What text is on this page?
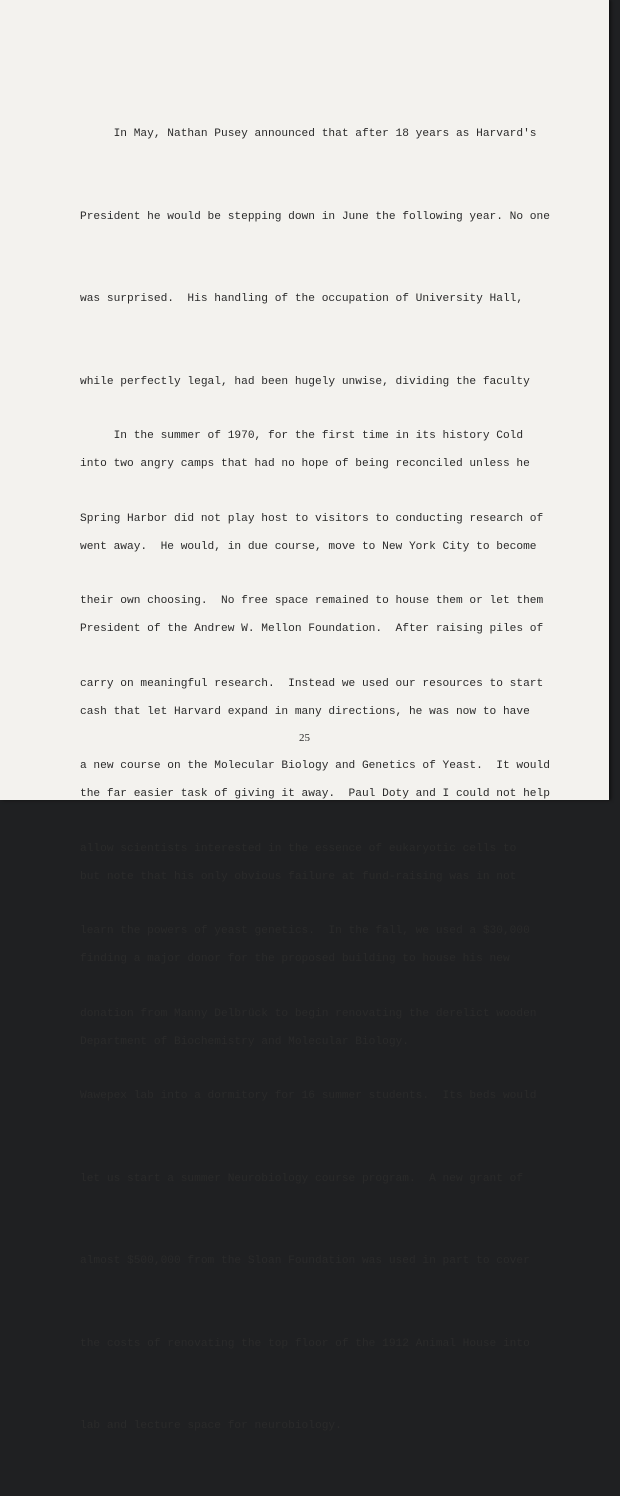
In May, Nathan Pusey announced that after 18 years as Harvard's

President he would be stepping down in June the following year. No one

was surprised.  His handling of the occupation of University Hall,

while perfectly legal, had been hugely unwise, dividing the faculty

into two angry camps that had no hope of being reconciled unless he

went away.  He would, in due course, move to New York City to become

President of the Andrew W. Mellon Foundation.  After raising piles of

cash that let Harvard expand in many directions, he was now to have

the far easier task of giving it away.  Paul Doty and I could not help

but note that his only obvious failure at fund-raising was in not

finding a major donor for the proposed building to house his new

Department of Biochemistry and Molecular Biology.

In the summer of 1970, for the first time in its history Cold

Spring Harbor did not play host to visitors to conducting research of

their own choosing.  No free space remained to house them or let them

carry on meaningful research.  Instead we used our resources to start

a new course on the Molecular Biology and Genetics of Yeast.  It would

allow scientists interested in the essence of eukaryotic cells to

learn the powers of yeast genetics.  In the fall, we used a $30,000

donation from Manny Delbrück to begin renovating the derelict wooden

Wawepex lab into a dormitory for 16 summer students.  Its beds would

let us start a summer Neurobiology course program.  A new grant of

almost $500,000 from the Sloan Foundation was used in part to cover

the costs of renovating the top floor of the 1912 Animal House into

lab and lecture space for neurobiology.

25
